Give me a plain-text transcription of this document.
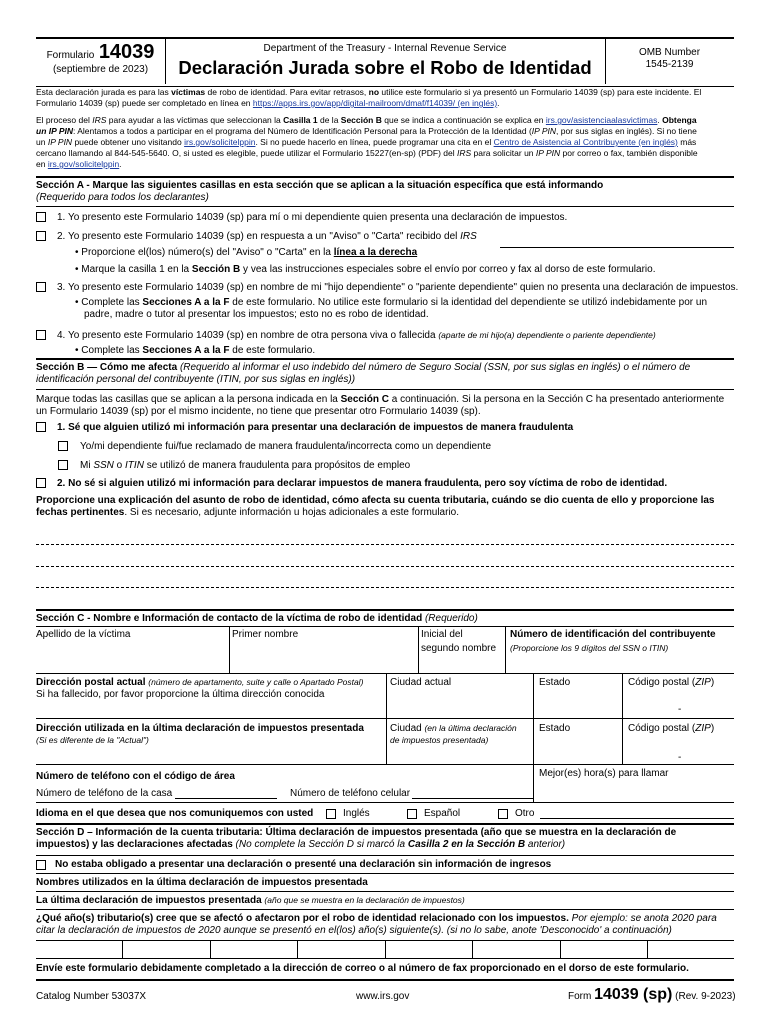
Formulario 14039
(septiembre de 2023)
Department of the Treasury - Internal Revenue Service
Declaración Jurada sobre el Robo de Identidad
OMB Number
1545-2139
Esta declaración jurada es para las víctimas de robo de identidad. Para evitar retrasos, no utilice este formulario si ya presentó un Formulario 14039 (sp) para este incidente. El
Formulario 14039 (sp) puede ser completado en línea en https://apps.irs.gov/app/digital-mailroom/dmaf/f14039/ (en inglés).
El proceso del IRS para ayudar a las víctimas que seleccionan la Casilla 1 de la Sección B que se indica a continuación se explica en irs.gov/asistenciaalasvictimas. Obtenga
un IP PIN: Alentamos a todos a participar en el programa del Número de Identificación Personal para la Protección de la Identidad (IP PIN, por sus siglas en inglés). Si no tiene
un IP PIN puede obtener uno visitando irs.gov/solicitelppin. Si no puede hacerlo en línea, puede programar una cita en el Centro de Asistencia al Contribuyente (en inglés) más
cercano llamando al 844-545-5640. O, si usted es elegible, puede utilizar el Formulario 15227(en-sp) (PDF) del IRS para solicitar un IP PIN por correo o fax, también disponible
en irs.gov/solicitelppin.
Sección A - Marque las siguientes casillas en esta sección que se aplican a la situación específica que está informando
(Requerido para todos los declarantes)
1. Yo presento este Formulario 14039 (sp) para mí o mi dependiente quien presenta una declaración de impuestos.
2. Yo presento este Formulario 14039 (sp) en respuesta a un "Aviso" o "Carta" recibido del IRS
• Proporcione el(los) número(s) del "Aviso" o "Carta" en la línea a la derecha
• Marque la casilla 1 en la Sección B y vea las instrucciones especiales sobre el envío por correo y fax al dorso de este formulario.
3. Yo presento este Formulario 14039 (sp) en nombre de mi "hijo dependiente" o "pariente dependiente" quien no presenta una declaración de impuestos.
• Complete las Secciones A a la F de este formulario. No utilice este formulario si la identidad del dependiente se utilizó indebidamente por un
padre, madre o tutor al presentar los impuestos; esto no es robo de identidad.
4. Yo presento este Formulario 14039 (sp) en nombre de otra persona viva o fallecida (aparte de mi hijo(a) dependiente o pariente dependiente)
• Complete las Secciones A a la F de este formulario.
Sección B — Cómo me afecta (Requerido al informar el uso indebido del número de Seguro Social (SSN, por sus siglas en inglés) o el número de
identificación personal del contribuyente (ITIN, por sus siglas en inglés))
Marque todas las casillas que se aplican a la persona indicada en la Sección C a continuación. Si la persona en la Sección C ha presentado anteriormente
un Formulario 14039 (sp) por el mismo incidente, no tiene que presentar otro Formulario 14039 (sp).
1. Sé que alguien utilizó mi información para presentar una declaración de impuestos de manera fraudulenta
Yo/mi dependiente fui/fue reclamado de manera fraudulenta/incorrecta como un dependiente
Mi SSN o ITIN se utilizó de manera fraudulenta para propósitos de empleo
2. No sé si alguien utilizó mi información para declarar impuestos de manera fraudulenta, pero soy víctima de robo de identidad.
Proporcione una explicación del asunto de robo de identidad, cómo afecta su cuenta tributaria, cuándo se dio cuenta de ello y proporcione las
fechas pertinentes. Si es necesario, adjunte información u hojas adicionales a este formulario.
Sección C - Nombre e Información de contacto de la víctima de robo de identidad (Requerido)
Apellido de la víctima	Primer nombre	Inicial del
segundo nombre
Número de identificación del contribuyente
(Proporcione los 9 dígitos del SSN o ITIN)
Dirección postal actual (número de apartamento, suite y calle o Apartado Postal)
Si ha fallecido, por favor proporcione la última dirección conocida
Ciudad actual	Estado	Código postal (ZIP)
-
Dirección utilizada en la última declaración de impuestos presentada
(Si es diferente de la "Actual")
Ciudad (en la última declaración
de impuestos presentada)
Estado	Código postal (ZIP)
-
Número de teléfono con el código de área	Mejor(es) hora(s) para llamar
Número de teléfono de la casa	Número de teléfono celular
Idioma en el que desea que nos comuniquemos con usted	Inglés	Español	Otro
Sección D – Información de la cuenta tributaria: Última declaración de impuestos presentada (año que se muestra en la declaración de
impuestos) y las declaraciones afectadas (No complete la Sección D si marcó la Casilla 2 en la Sección B anterior)
No estaba obligado a presentar una declaración o presenté una declaración sin información de ingresos
Nombres utilizados en la última declaración de impuestos presentada
La última declaración de impuestos presentada (año que se muestra en la declaración de impuestos)
¿Qué año(s) tributario(s) cree que se afectó o afectaron por el robo de identidad relacionado con los impuestos. Por ejemplo: se anota 2020 para
citar la declaración de impuestos de 2020 aunque se presentó en el(los) año(s) siguiente(s). (si no lo sabe, anote 'Desconocido' a continuación)
Envíe este formulario debidamente completado a la dirección de correo o al número de fax proporcionado en el dorso de este formulario.
Catalog Number 53037X	www.irs.gov	Form 14039 (sp) (Rev. 9-2023)
